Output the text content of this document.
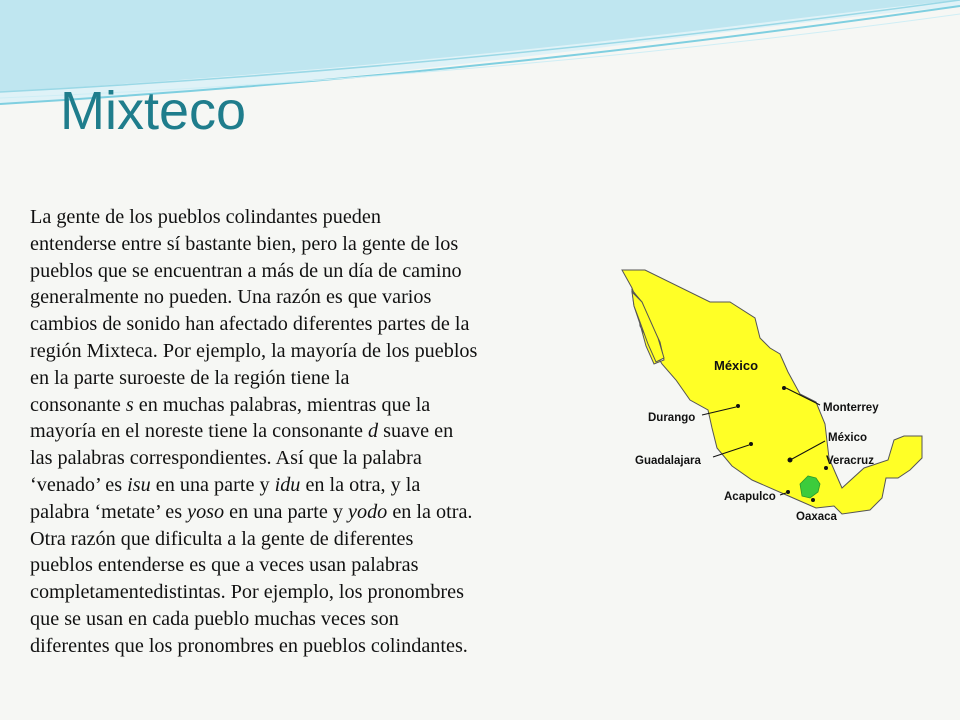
Mixteco

La gente de los pueblos colindantes pueden
entenderse entre sí bastante bien, pero la gente de los
pueblos que se encuentran a más de un día de camino
generalmente no pueden. Una razón es que varios
cambios de sonido han afectado diferentes partes de la
región Mixteca. Por ejemplo, la mayoría de los pueblos
en la parte suroeste de la región tiene la
consonante s en muchas palabras, mientras que la
mayoría en el noreste tiene la consonante d suave en
las palabras correspondientes. Así que la palabra
‘venado’ es isu en una parte y idu en la otra, y la
palabra ‘metate’ es yoso en una parte y yodo en la otra.
Otra razón que dificulta a la gente de diferentes
pueblos entenderse es que a veces usan palabras
completamentedistintas. Por ejemplo, los pronombres
que se usan en cada pueblo muchas veces son
diferentes que los pronombres en pueblos colindantes.

México
Monterrey
Durango
México
Guadalajara	Veracruz
Acapulco
Oaxaca
